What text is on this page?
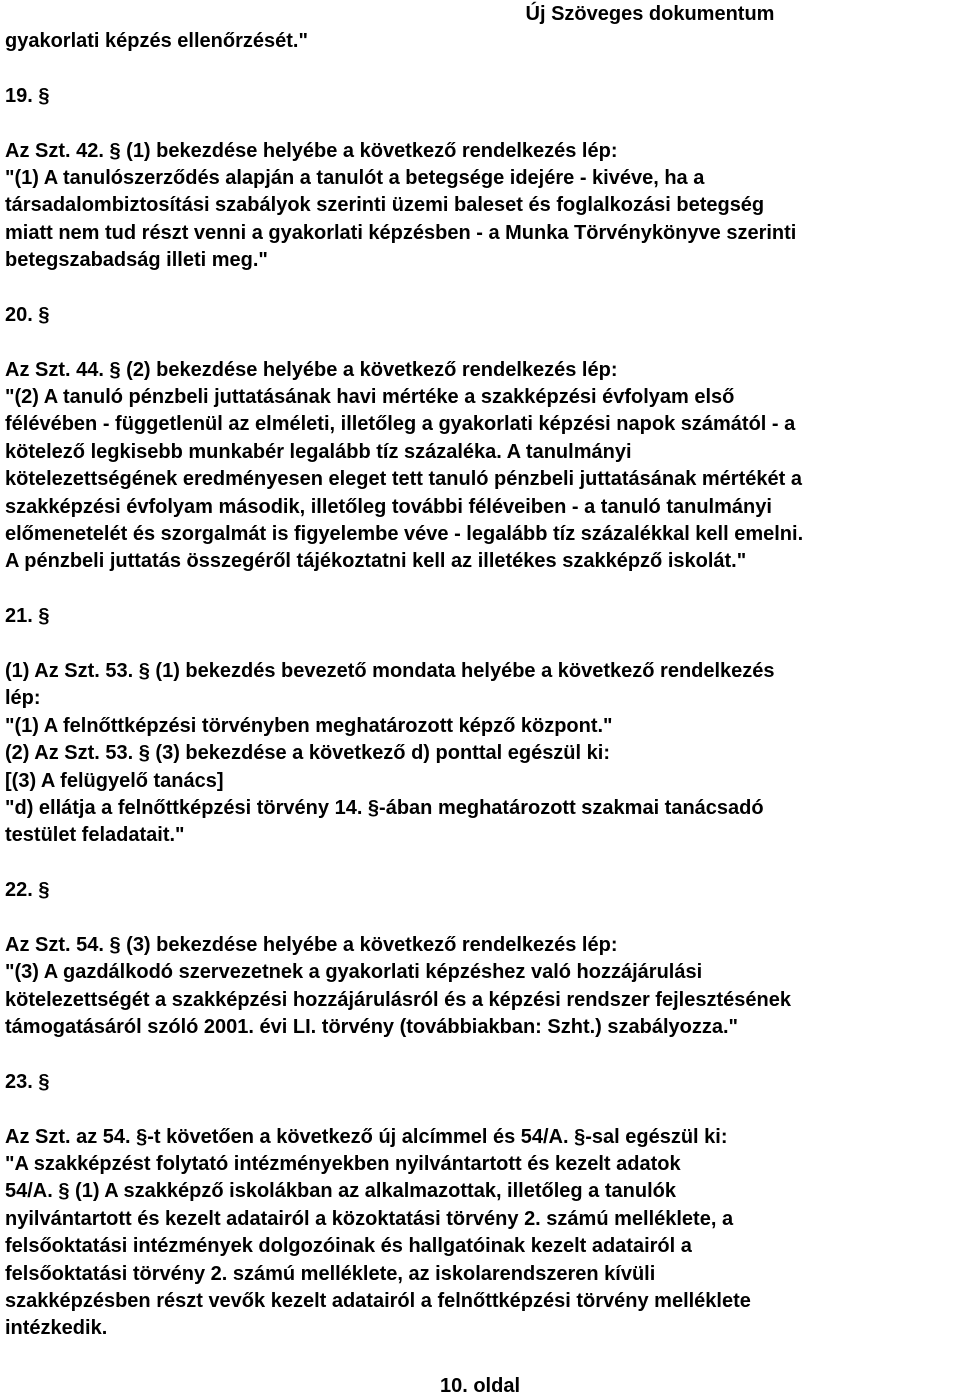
Új Szöveges dokumentum
gyakorlati képzés ellenőrzését."
19. §
Az Szt. 42. § (1) bekezdése helyébe a következő rendelkezés lép:
"(1) A tanulószerződés alapján a tanulót a betegsége idejére - kivéve, ha a
társadalombiztosítási szabályok szerinti üzemi baleset és foglalkozási betegség
miatt nem tud részt venni a gyakorlati képzésben - a Munka Törvénykönyve szerinti
betegszabadság illeti meg."
20. §
Az Szt. 44. § (2) bekezdése helyébe a következő rendelkezés lép:
"(2) A tanuló pénzbeli juttatásának havi mértéke a szakképzési évfolyam első
félévében - függetlenül az elméleti, illetőleg a gyakorlati képzési napok számától - a
kötelező legkisebb munkabér legalább tíz százaléka. A tanulmányi
kötelezettségének eredményesen eleget tett tanuló pénzbeli juttatásának mértékét a
szakképzési évfolyam második, illetőleg további féléveiben - a tanuló tanulmányi
előmenetelét és szorgalmát is figyelembe véve - legalább tíz százalékkal kell emelni.
A pénzbeli juttatás összegéről tájékoztatni kell az illetékes szakképző iskolát."
21. §
(1) Az Szt. 53. § (1) bekezdés bevezető mondata helyébe a következő rendelkezés
lép:
"(1) A felnőttképzési törvényben meghatározott képző központ."
(2) Az Szt. 53. § (3) bekezdése a következő d) ponttal egészül ki:
[(3) A felügyelő tanács]
"d) ellátja a felnőttképzési törvény 14. §-ában meghatározott szakmai tanácsadó
testület feladatait."
22. §
Az Szt. 54. § (3) bekezdése helyébe a következő rendelkezés lép:
"(3) A gazdálkodó szervezetnek a gyakorlati képzéshez való hozzájárulási
kötelezettségét a szakképzési hozzájárulásról és a képzési rendszer fejlesztésének
támogatásáról szóló 2001. évi LI. törvény (továbbiakban: Szht.) szabályozza."
23. §
Az Szt. az 54. §-t követően a következő új alcímmel és 54/A. §-sal egészül ki:
"A szakképzést folytató intézményekben nyilvántartott és kezelt adatok
54/A. § (1) A szakképző iskolákban az alkalmazottak, illetőleg a tanulók
nyilvántartott és kezelt adatairól a közoktatási törvény 2. számú melléklete, a
felsőoktatási intézmények dolgozóinak és hallgatóinak kezelt adatairól a
felsőoktatási törvény 2. számú melléklete, az iskolarendszeren kívüli
szakképzésben részt vevők kezelt adatairól a felnőttképzési törvény melléklete
intézkedik.
10. oldal
